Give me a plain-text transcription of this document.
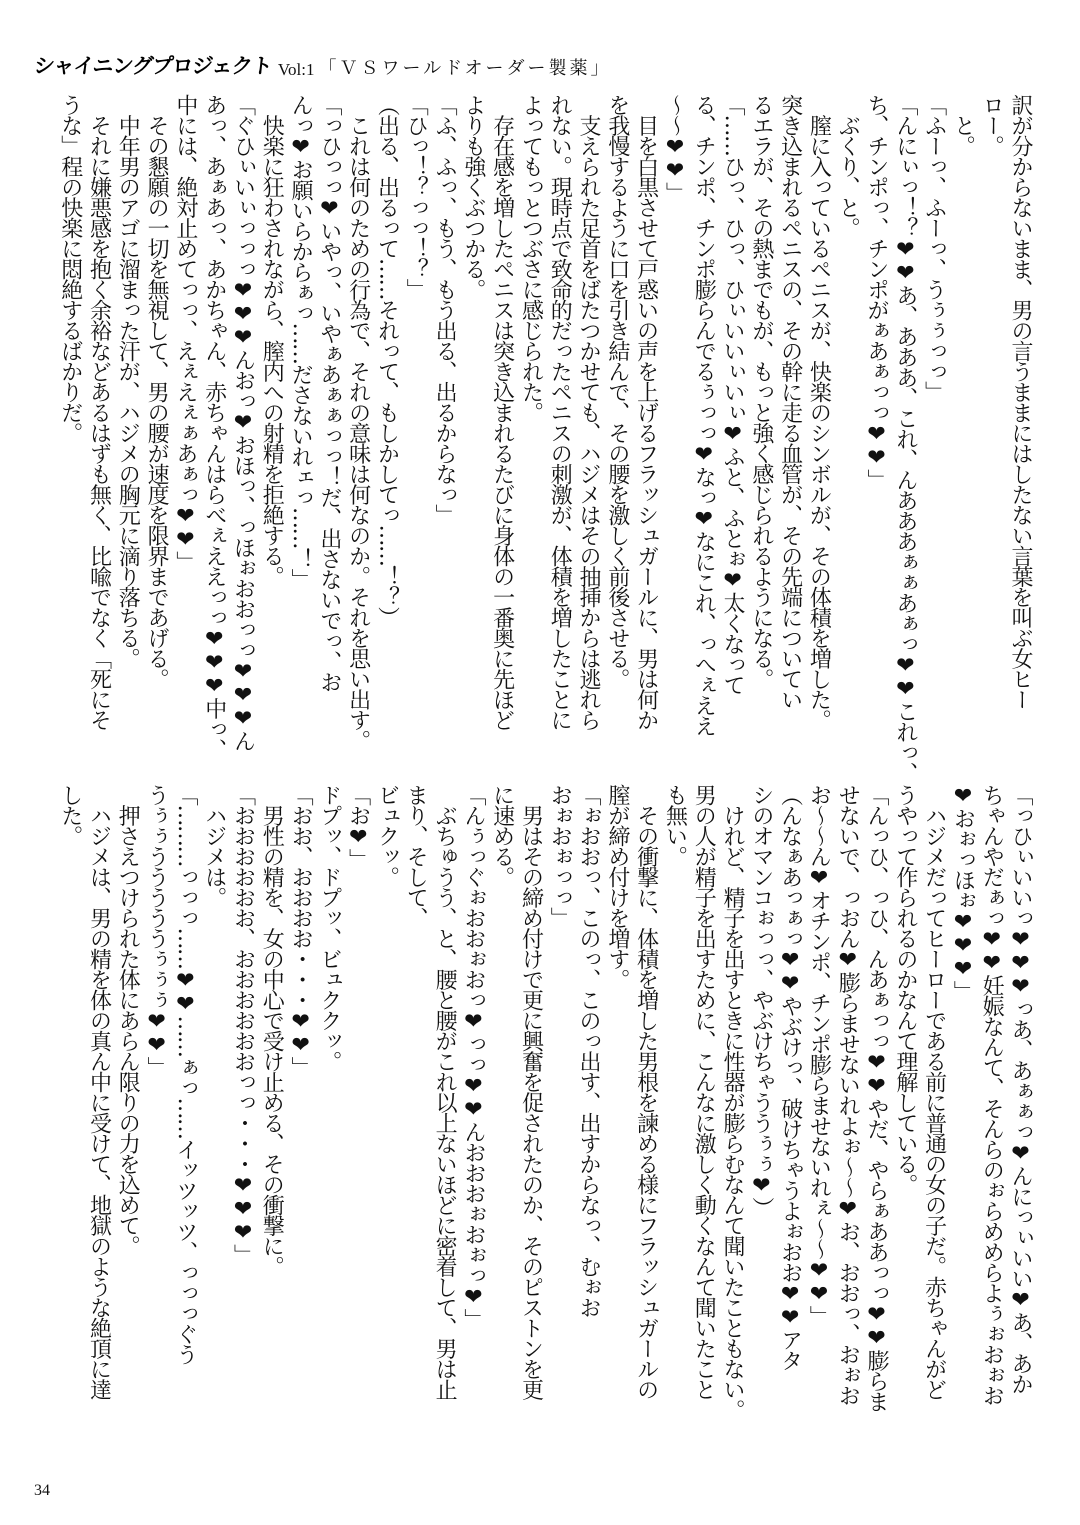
シャイニングプロジェクト Vol:1 「ＶＳワールドオーダー製薬」
訳が分からないまま、男の言うままにはしたない言葉を叫ぶ女ヒー
ロー。
　と。
「ふーっ、ふーっ、うぅぅっっ」
「んにぃっ！？❤❤あ、あああ、これ、んあああぁぁあぁっ❤❤これっ、
ち、チンポっ、チンポがぁあぁっっ❤❤」
　ぶくり、と。
　膣に入っているペニスが、快楽のシンボルが、その体積を増した。
突き込まれるペニスの、その幹に走る血管が、その先端についてい
るエラが、その熱までもが、もっと強く感じられるようになる。
「……ひっ、ひっ、ひぃいいぃいぃ❤ふと、ふとぉ❤太くなって
る、チンポ、チンポ膨らんでるぅっっ❤なっ❤なにこれ、っへぇええ
～～❤❤」
　目を白黒させて戸惑いの声を上げるフラッシュガールに、男は何か
を我慢するように口を引き結んで、その腰を激しく前後させる。
　支えられた足首をばたつかせても、ハジメはその抽挿からは逃れら
れない。現時点で致命的だったペニスの刺激が、体積を増したことに
よってもっとつぶさに感じられた。
　存在感を増したペニスは突き込まれるたびに身体の一番奥に先ほど
よりも強くぶつかる。
「ふ、ふっ、もう、もう出る、出るからなっ」
「ひっ！？っっ！？」
（出る、出るって……それって、もしかしてっ……！？）
　これは何のための行為で、それの意味は何なのか。それを思い出す。
「っひっっ❤いやっ、いやぁあぁぁっっ！だ、出さないでっ、お
んっ❤お願いらからぁっ……ださないれェっ……！」
　快楽に狂わされながら、膣内への射精を拒絶する。
「ぐひぃいぃっっっ❤❤❤んおっ❤おほっ、っほぉおおっっ❤❤❤ん
あっ、あぁあっ、あかちゃん、赤ちゃんはらべぇええっっ❤❤❤中っ、
中には、絶対止めてっっ、えぇえぇぁあぁっ❤❤」
　その懇願の一切を無視して、男の腰が速度を限界まであげる。
　中年男のアゴに溜まった汗が、ハジメの胸元に滴り落ちる。
　それに嫌悪感を抱く余裕などあるはずも無く、比喩でなく「死にそ
うな」程の快楽に悶絶するばかりだ。
「っひぃいいっ❤❤❤っあ、あぁぁっ❤んにっぃいい❤あ、あか
ちゃんやだぁっ❤❤妊娠なんて、そんらのぉらめめらよぅぉおぉお
❤おぉっほぉ❤❤❤」
　ハジメだってヒーローである前に普通の女の子だ。赤ちゃんがど
うやって作られるのかなんて理解している。
「んっひ、っひ、んあぁっっ❤❤やだ、やらぁああっっ❤❤膨らま
せないで、っおん❤膨らませないれよぉ～～❤お、おおっ、おぉお
お～～ん❤オチンポ、チンポ膨らませないれぇ～～❤❤」
（んなぁあっぁっ❤❤やぶけっ、破けちゃうよぉおお❤❤アタ
シのオマンコぉっっ、やぶけちゃううぅぅ❤）
　けれど、精子を出すときに性器が膨らむなんて聞いたこともない。
男の人が精子を出すために、こんなに激しく動くなんて聞いたこと
も無い。
　その衝撃に、体積を増した男根を諫める様にフラッシュガールの
膣が締め付けを増す。
「ぉおおっ、このっ、このっ出す、出すからなっ、むぉお
おぉおぉっっ」
　男はその締め付けで更に興奮を促されたのか、そのピストンを更
に速める。
「んぅっぐぉおおぉおっ❤っっ❤❤んおおおぉおぉっ❤」
　ぶちゅうう、と、腰と腰がこれ以上ないほどに密着して、男は止
まり、そして、
ビュクッ。
「お❤」
ドプッ、ドプッ、ビュククッ。
「おお、おおおお・・・❤❤」
　男性の精を、女の中心で受け止める、その衝撃に。
「おおおおおお、おおおおおおっっ・・・❤❤❤」
　ハジメは。
「………っっっ……❤❤……ぁっ……イッツッツ、っっっぐう
うぅぅうううううぅぅぅ❤❤」
　押さえつけられた体にあらん限りの力を込めて。
　ハジメは、男の精を体の真ん中に受けて、地獄のような絶頂に達
した。
34
